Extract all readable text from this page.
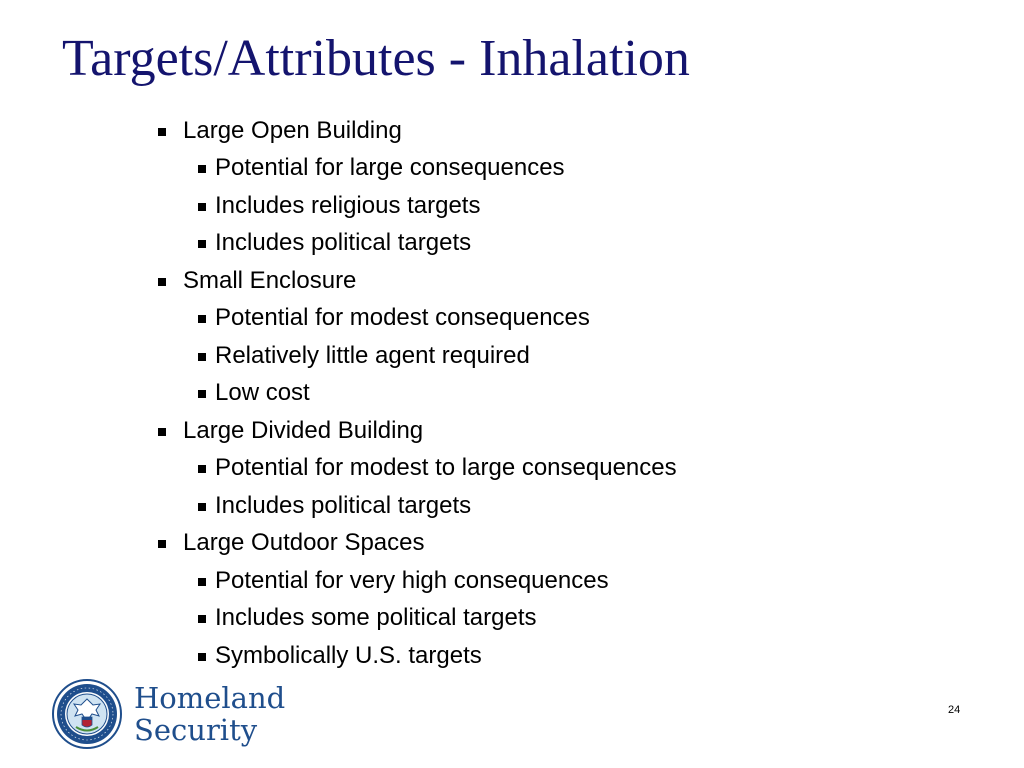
Targets/Attributes - Inhalation
Large Open Building
Potential for large consequences
Includes religious targets
Includes political targets
Small Enclosure
Potential for modest consequences
Relatively little agent required
Low cost
Large Divided Building
Potential for modest to large consequences
Includes political targets
Large Outdoor Spaces
Potential for very high consequences
Includes some political targets
Symbolically U.S. targets
Homeland
Security
24
